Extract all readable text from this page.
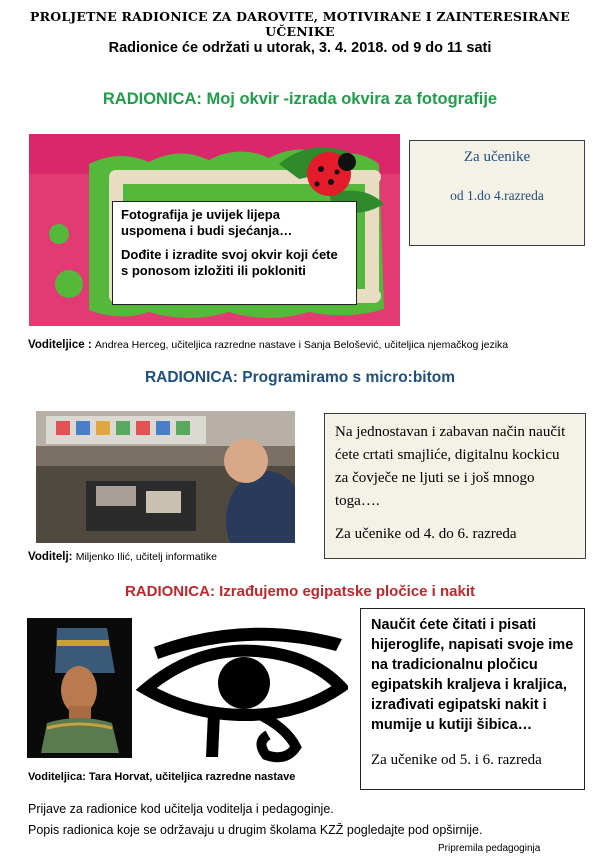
PROLJETNE RADIONICE ZA DAROVITE, MOTIVIRANE I ZAINTERESIRANE UČENIKE
Radionice će održati u utorak, 3. 4. 2018. od 9 do 11 sati
RADIONICA: Moj okvir -izrada okvira za fotografije
Fotografija je uvijek lijepa uspomena i budi sjećanja…
Dođite i izradite svoj okvir koji ćete s ponosom izložiti ili pokloniti
Za učenike
od 1.do 4.razreda
Voditeljice : Andrea Herceg, učiteljica razredne nastave i Sanja Belošević, učiteljica njemačkog jezika
RADIONICA: Programiramo s micro:bitom
Na jednostavan i zabavan način naučit ćete crtati smajliće, digitalnu kockicu za čovječe ne ljuti se i još mnogo toga….
Za učenike od 4. do 6. razreda
Voditelj: Miljenko Ilić, učitelj informatike
RADIONICA: Izrađujemo egipatske pločice i nakit
Naučit ćete čitati i pisati hijeroglife, napisati svoje ime na tradicionalnu pločicu egipatskih kraljeva i kraljica, izrađivati egipatski nakit i mumije u kutiji šibica…
Za učenike od 5. i 6. razreda
Voditeljica: Tara Horvat, učiteljica razredne nastave
Prijave za radionice kod učitelja voditelja i pedagoginje.
Popis radionica koje se održavaju u drugim školama KZŽ pogledajte pod opširnije.
Pripremila pedagoginja
